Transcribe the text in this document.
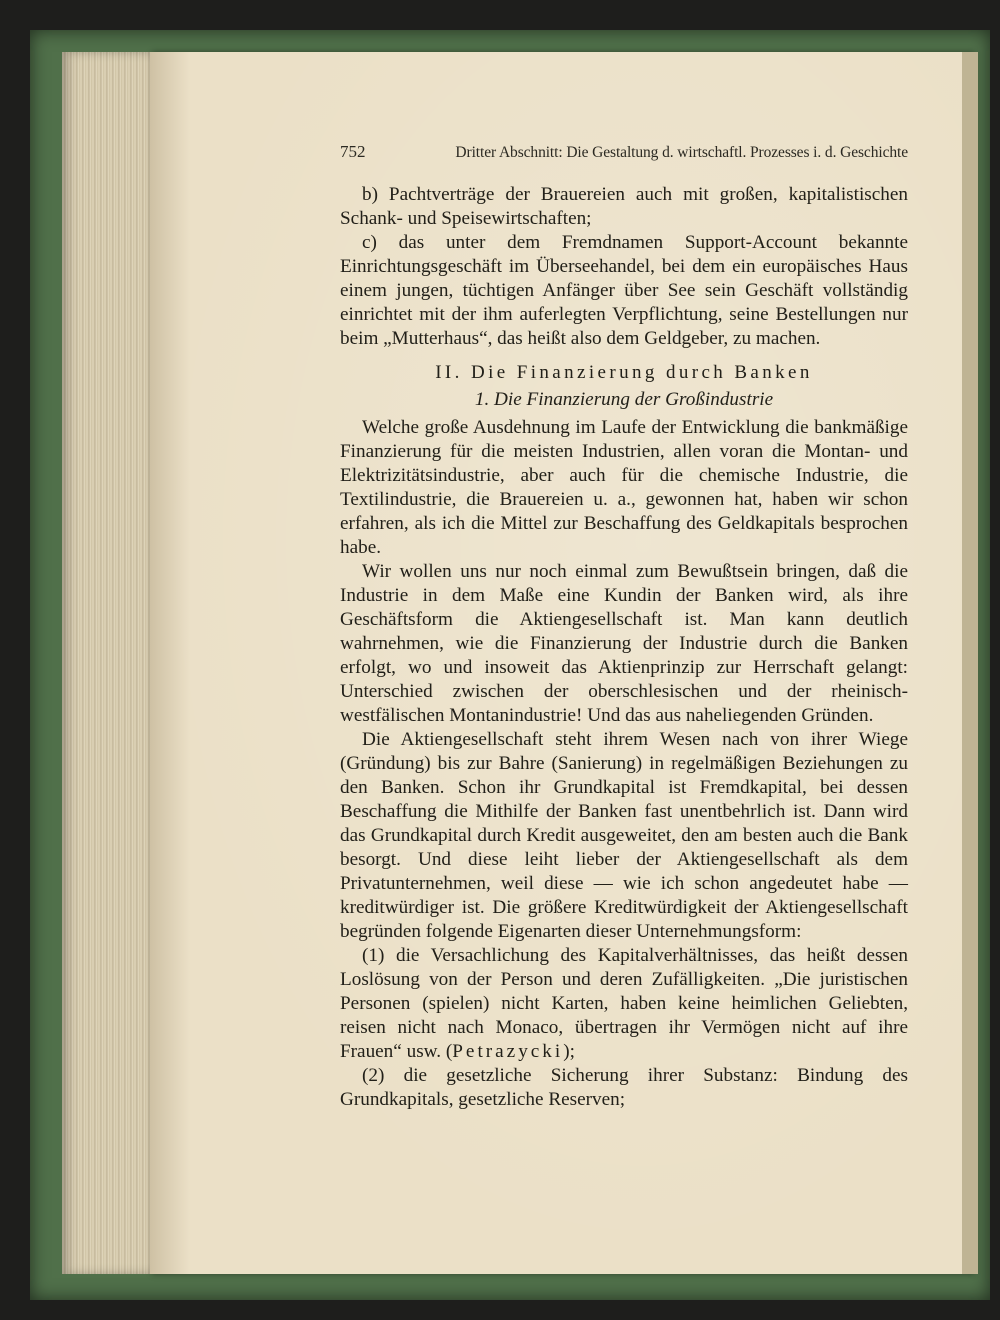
752	Dritter Abschnitt: Die Gestaltung d. wirtschaftl. Prozesses i. d. Geschichte

b) Pachtverträge der Brauereien auch mit großen, kapitalistischen Schank- und Speisewirtschaften;

c) das unter dem Fremdnamen Support-Account bekannte Einrichtungsgeschäft im Überseehandel, bei dem ein europäisches Haus einem jungen, tüchtigen Anfänger über See sein Geschäft vollständig einrichtet mit der ihm auferlegten Verpflichtung, seine Bestellungen nur beim „Mutterhaus“, das heißt also dem Geldgeber, zu machen.

II. Die Finanzierung durch Banken
1. Die Finanzierung der Großindustrie

Welche große Ausdehnung im Laufe der Entwicklung die bankmäßige Finanzierung für die meisten Industrien, allen voran die Montan- und Elektrizitätsindustrie, aber auch für die chemische Industrie, die Textilindustrie, die Brauereien u. a., gewonnen hat, haben wir schon erfahren, als ich die Mittel zur Beschaffung des Geldkapitals besprochen habe.

Wir wollen uns nur noch einmal zum Bewußtsein bringen, daß die Industrie in dem Maße eine Kundin der Banken wird, als ihre Geschäftsform die Aktiengesellschaft ist. Man kann deutlich wahrnehmen, wie die Finanzierung der Industrie durch die Banken erfolgt, wo und insoweit das Aktienprinzip zur Herrschaft gelangt: Unterschied zwischen der oberschlesischen und der rheinisch-westfälischen Montanindustrie! Und das aus naheliegenden Gründen.

Die Aktiengesellschaft steht ihrem Wesen nach von ihrer Wiege (Gründung) bis zur Bahre (Sanierung) in regelmäßigen Beziehungen zu den Banken. Schon ihr Grundkapital ist Fremdkapital, bei dessen Beschaffung die Mithilfe der Banken fast unentbehrlich ist. Dann wird das Grundkapital durch Kredit ausgeweitet, den am besten auch die Bank besorgt. Und diese leiht lieber der Aktiengesellschaft als dem Privatunternehmen, weil diese — wie ich schon angedeutet habe — kreditwürdiger ist. Die größere Kreditwürdigkeit der Aktiengesellschaft begründen folgende Eigenarten dieser Unternehmungsform:

(1) die Versachlichung des Kapitalverhältnisses, das heißt dessen Loslösung von der Person und deren Zufälligkeiten. „Die juristischen Personen (spielen) nicht Karten, haben keine heimlichen Geliebten, reisen nicht nach Monaco, übertragen ihr Vermögen nicht auf ihre Frauen“ usw. (Petrazycki);

(2) die gesetzliche Sicherung ihrer Substanz: Bindung des Grundkapitals, gesetzliche Reserven;
